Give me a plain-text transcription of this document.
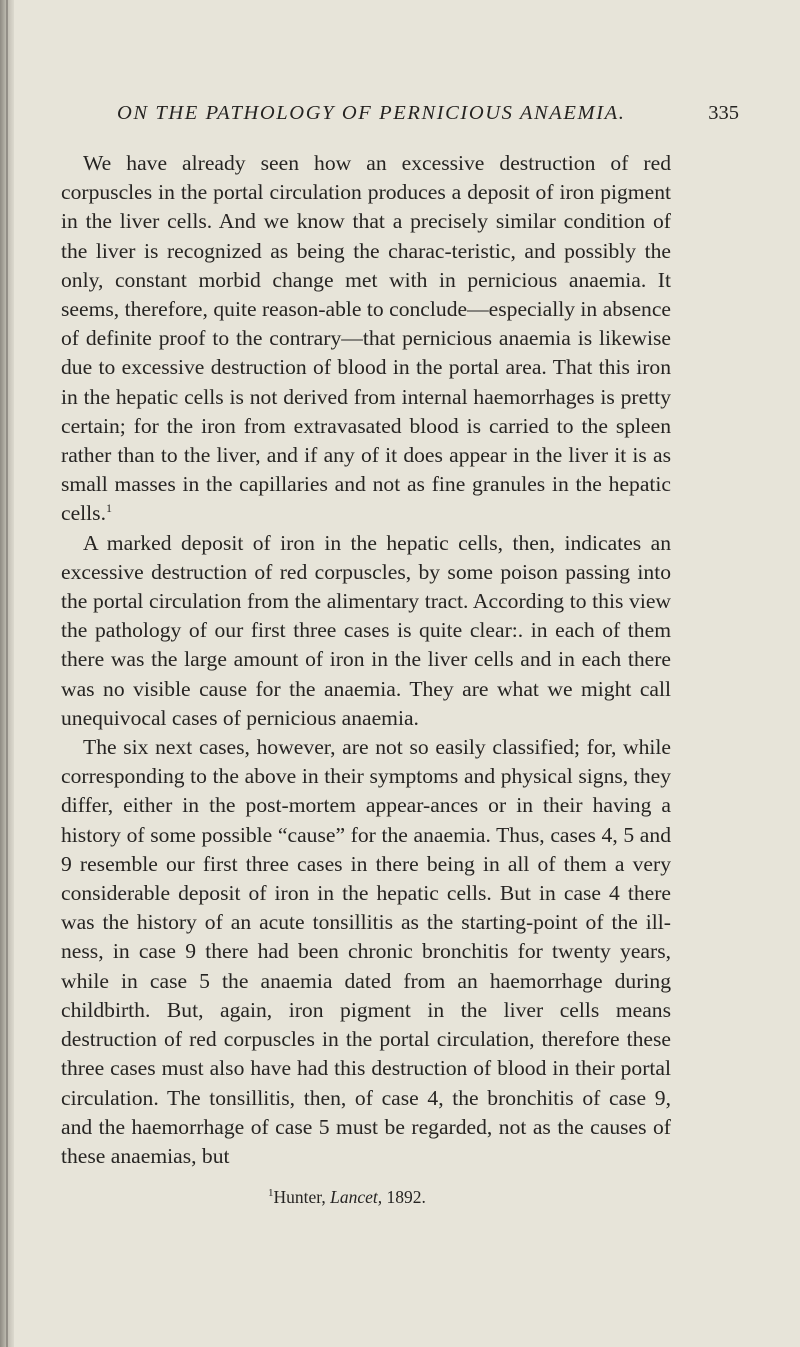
ON THE PATHOLOGY OF PERNICIOUS ANAEMIA.	335

We have already seen how an excessive destruction of red corpuscles in the portal circulation produces a deposit of iron pigment in the liver cells. And we know that a precisely similar condition of the liver is recognized as being the charac-teristic, and possibly the only, constant morbid change met with in pernicious anaemia. It seems, therefore, quite reason-able to conclude—especially in absence of definite proof to the contrary—that pernicious anaemia is likewise due to excessive destruction of blood in the portal area. That this iron in the hepatic cells is not derived from internal haemorrhages is pretty certain; for the iron from extravasated blood is carried to the spleen rather than to the liver, and if any of it does appear in the liver it is as small masses in the capillaries and not as fine granules in the hepatic cells.$^1$

A marked deposit of iron in the hepatic cells, then, indicates an excessive destruction of red corpuscles, by some poison passing into the portal circulation from the alimentary tract. According to this view the pathology of our first three cases is quite clear:. in each of them there was the large amount of iron in the liver cells and in each there was no visible cause for the anaemia. They are what we might call unequivocal cases of pernicious anaemia.

The six next cases, however, are not so easily classified; for, while corresponding to the above in their symptoms and physical signs, they differ, either in the post-mortem appear-ances or in their having a history of some possible “cause” for the anaemia. Thus, cases 4, 5 and 9 resemble our first three cases in there being in all of them a very considerable deposit of iron in the hepatic cells. But in case 4 there was the history of an acute tonsillitis as the starting-point of the ill-ness, in case 9 there had been chronic bronchitis for twenty years, while in case 5 the anaemia dated from an haemorrhage during childbirth. But, again, iron pigment in the liver cells means destruction of red corpuscles in the portal circulation, therefore these three cases must also have had this destruction of blood in their portal circulation. The tonsillitis, then, of case 4, the bronchitis of case 9, and the haemorrhage of case 5 must be regarded, not as the causes of these anaemias, but

$^1$Hunter, Lancet, 1892.
